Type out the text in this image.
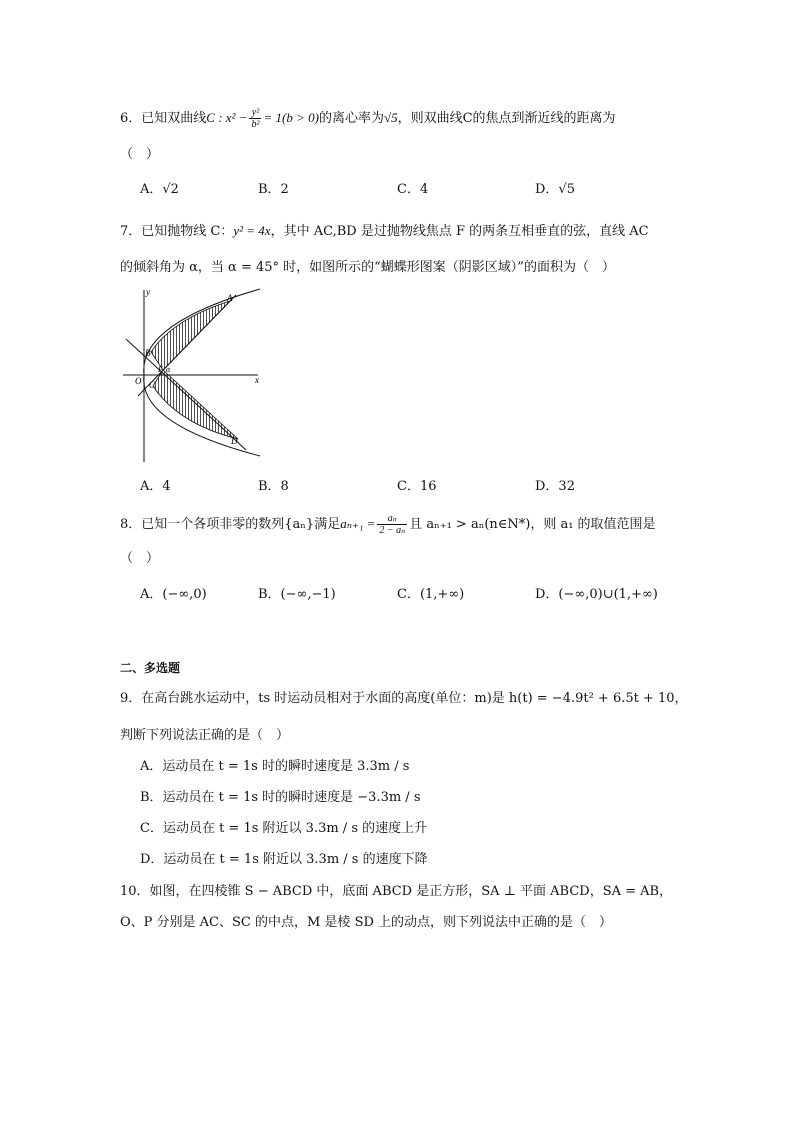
6．已知双曲线C : $x^2 - \frac{\text{y²}}{\text{b²}} = 1(b > 0)$的离心率为√5，则双曲线C的焦点到渐近线的距离为
（　）
A．√2	B．2	C．4	D．√5
7．已知抛物线 C：y² = 4x，其中 AC,BD 是过抛物线焦点 F 的两条互相垂直的弦，直线 AC
的倾斜角为 α，当 α = 45° 时，如图所示的“蝴蝶形图案（阴影区域）”的面积为（　）
y
x
A
B
O
F α
C
D
A．4	B．8	C．16	D．32
8．已知一个各项非零的数列{aₙ}满足$a_{n+1} = \frac{\text{aₙ}}{\text{2 − aₙ}}$ 且 aₙ₊₁ > aₙ(n∈N*)，则 a₁ 的取值范围是
（　）
A．(−∞,0)	B．(−∞,−1)	C．(1,+∞)	D．(−∞,0)∪(1,+∞)
二、多选题
9．在高台跳水运动中，ts 时运动员相对于水面的高度(单位：m)是 h(t) = −4.9t² + 6.5t + 10，
判断下列说法正确的是（　）
A．运动员在 t = 1s 时的瞬时速度是 3.3m / s
B．运动员在 t = 1s 时的瞬时速度是 −3.3m / s
C．运动员在 t = 1s 附近以 3.3m / s 的速度上升
D．运动员在 t = 1s 附近以 3.3m / s 的速度下降
10．如图，在四棱锥 S − ABCD 中，底面 ABCD 是正方形，SA ⊥ 平面 ABCD，SA = AB，
O、P 分别是 AC、SC 的中点，M 是棱 SD 上的动点，则下列说法中正确的是（　）
